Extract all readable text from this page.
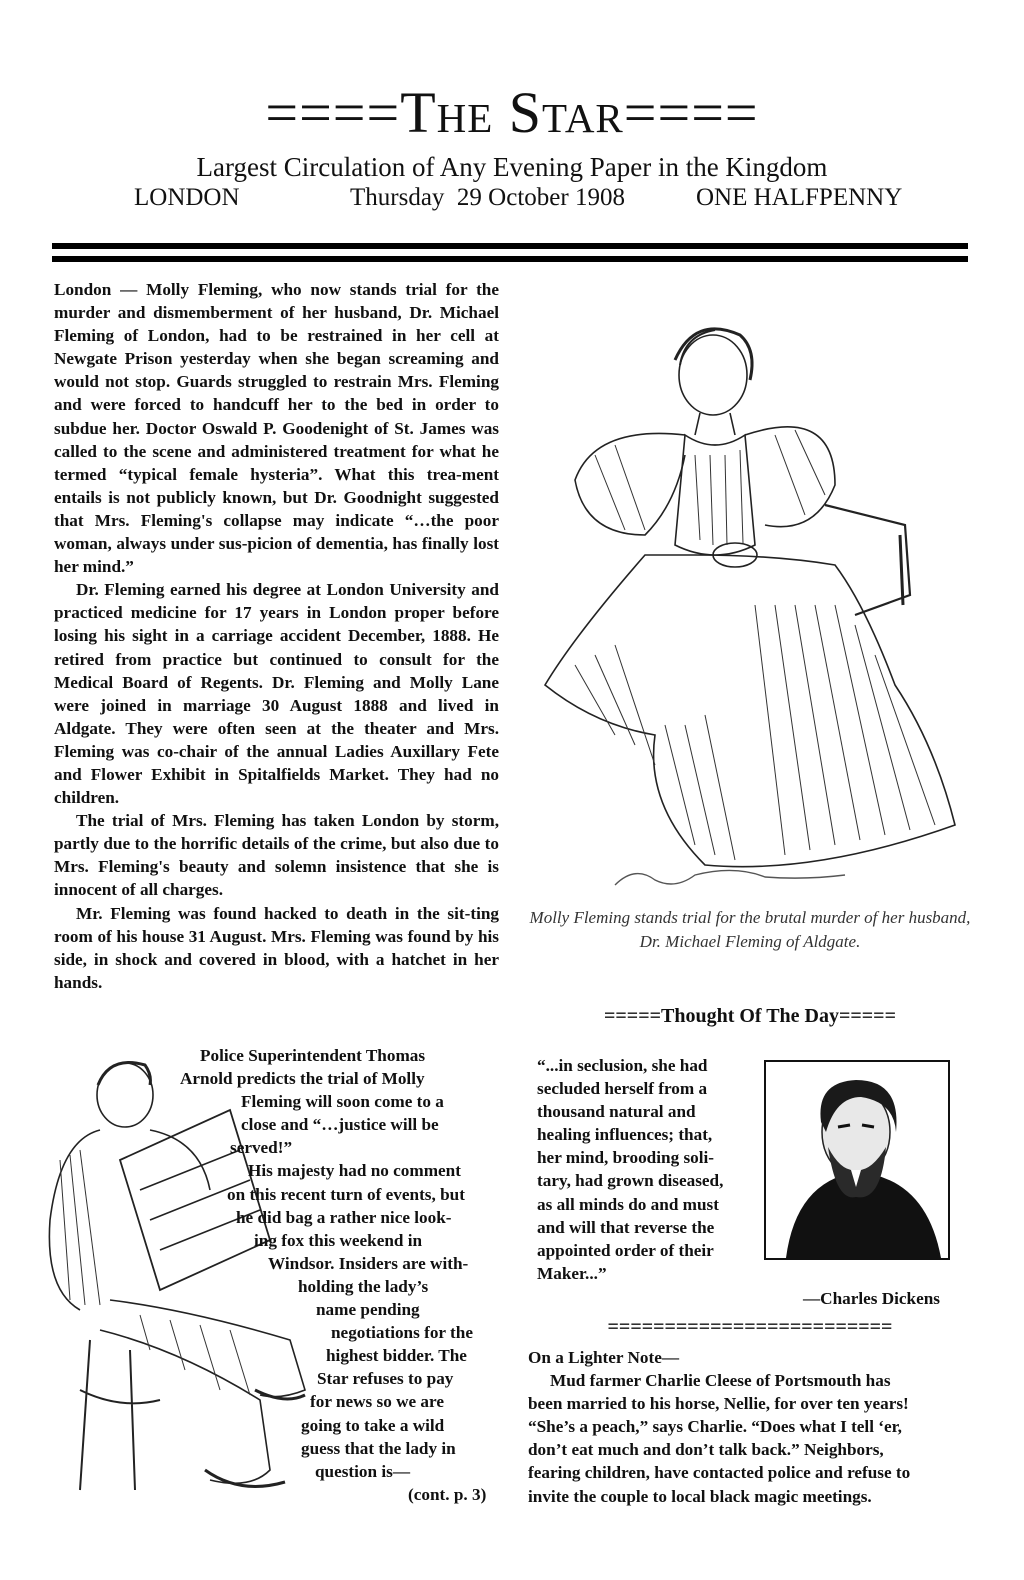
====The Star====
Largest Circulation of Any Evening Paper in the Kingdom
LONDON	Thursday  29 October 1908	ONE HALFPENNY

London — Molly Fleming, who now stands trial for the murder and dismemberment of her husband, Dr. Michael Fleming of London, had to be restrained in her cell at Newgate Prison yesterday when she began screaming and would not stop. Guards struggled to restrain Mrs. Fleming and were forced to handcuff her to the bed in order to subdue her. Doctor Oswald P. Goodenight of St. James was called to the scene and administered treatment for what he termed “typical female hysteria”. What this trea-ment entails is not publicly known, but Dr. Goodnight suggested that Mrs. Fleming's collapse may indicate “…the poor woman, always under sus-picion of dementia, has finally lost her mind.”

Dr. Fleming earned his degree at London University and practiced medicine for 17 years in London proper before losing his sight in a carriage accident December, 1888. He retired from practice but continued to consult for the Medical Board of Regents. Dr. Fleming and Molly Lane were joined in marriage 30 August 1888 and lived in Aldgate. They were often seen at the theater and Mrs. Fleming was co-chair of the annual Ladies Auxillary Fete and Flower Exhibit in Spitalfields Market. They had no children.

The trial of Mrs. Fleming has taken London by storm, partly due to the horrific details of the crime, but also due to Mrs. Fleming's beauty and solemn insistence that she is innocent of all charges.

Mr. Fleming was found hacked to death in the sit-ting room of his house 31 August. Mrs. Fleming was found by his side, in shock and covered in blood, with a hatchet in her hands.

Molly Fleming stands trial for the brutal murder of her husband, Dr. Michael Fleming of Aldgate.
Police Superintendent Thomas
Arnold predicts the trial of Molly
Fleming will soon come to a
close and “…justice will be
served!”
His majesty had no comment
on this recent turn of events, but
he did bag a rather nice look-
ing fox this weekend in
Windsor. Insiders are with-
holding the lady’s
name pending
negotiations for the
highest bidder. The
Star refuses to pay
for news so we are
going to take a wild
guess that the lady in
question is—
(cont. p. 3)
=====Thought Of The Day=====
“...in seclusion, she had
secluded herself from a
thousand natural and
healing influences; that,
her mind, brooding soli-
tary, had grown diseased,
as all minds do and must
and will that reverse the
appointed order of their
Maker...”
—Charles Dickens
=========================
On a Lighter Note—
Mud farmer Charlie Cleese of Portsmouth has
been married to his horse, Nellie, for over ten years!
“She’s a peach,” says Charlie. “Does what I tell ‘er,
don’t eat much and don’t talk back.” Neighbors,
fearing children, have contacted police and refuse to
invite the couple to local black magic meetings.
